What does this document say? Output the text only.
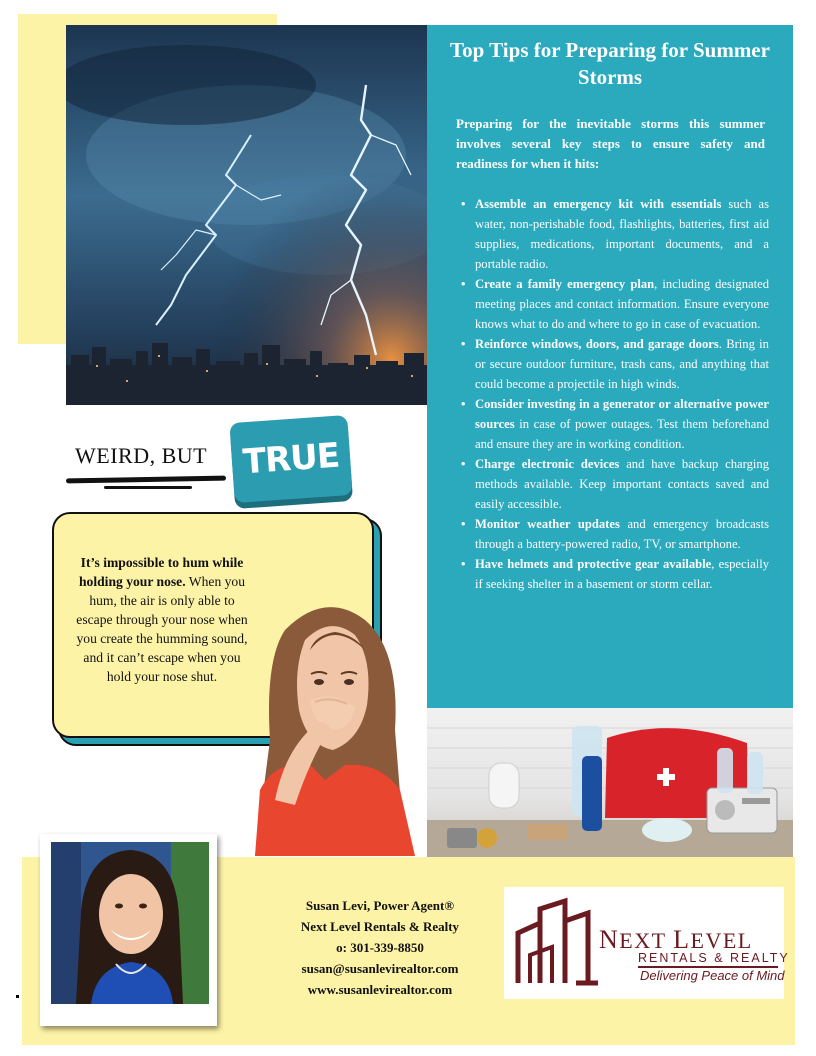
Top Tips for Preparing for Summer Storms

Preparing for the inevitable storms this summer involves several key steps to ensure safety and readiness for when it hits:

• Assemble an emergency kit with essentials such as water, non-perishable food, flashlights, batteries, first aid supplies, medications, important documents, and a portable radio.
• Create a family emergency plan, including designated meeting places and contact information. Ensure everyone knows what to do and where to go in case of evacuation.
• Reinforce windows, doors, and garage doors. Bring in or secure outdoor furniture, trash cans, and anything that could become a projectile in high winds.
• Consider investing in a generator or alternative power sources in case of power outages. Test them beforehand and ensure they are in working condition.
• Charge electronic devices and have backup charging methods available. Keep important contacts saved and easily accessible.
• Monitor weather updates and emergency broadcasts through a battery-powered radio, TV, or smartphone.
• Have helmets and protective gear available, especially if seeking shelter in a basement or storm cellar.
WEIRD, BUT TRUE

It’s impossible to hum while holding your nose. When you hum, the air is only able to escape through your nose when you create the humming sound, and it can’t escape when you hold your nose shut.

Susan Levi, Power Agent®
Next Level Rentals & Realty
o: 301-339-8850
susan@susanlevirealtor.com
www.susanlevirealtor.com
NEXT LEVEL
RENTALS & REALTY
Delivering Peace of Mind
